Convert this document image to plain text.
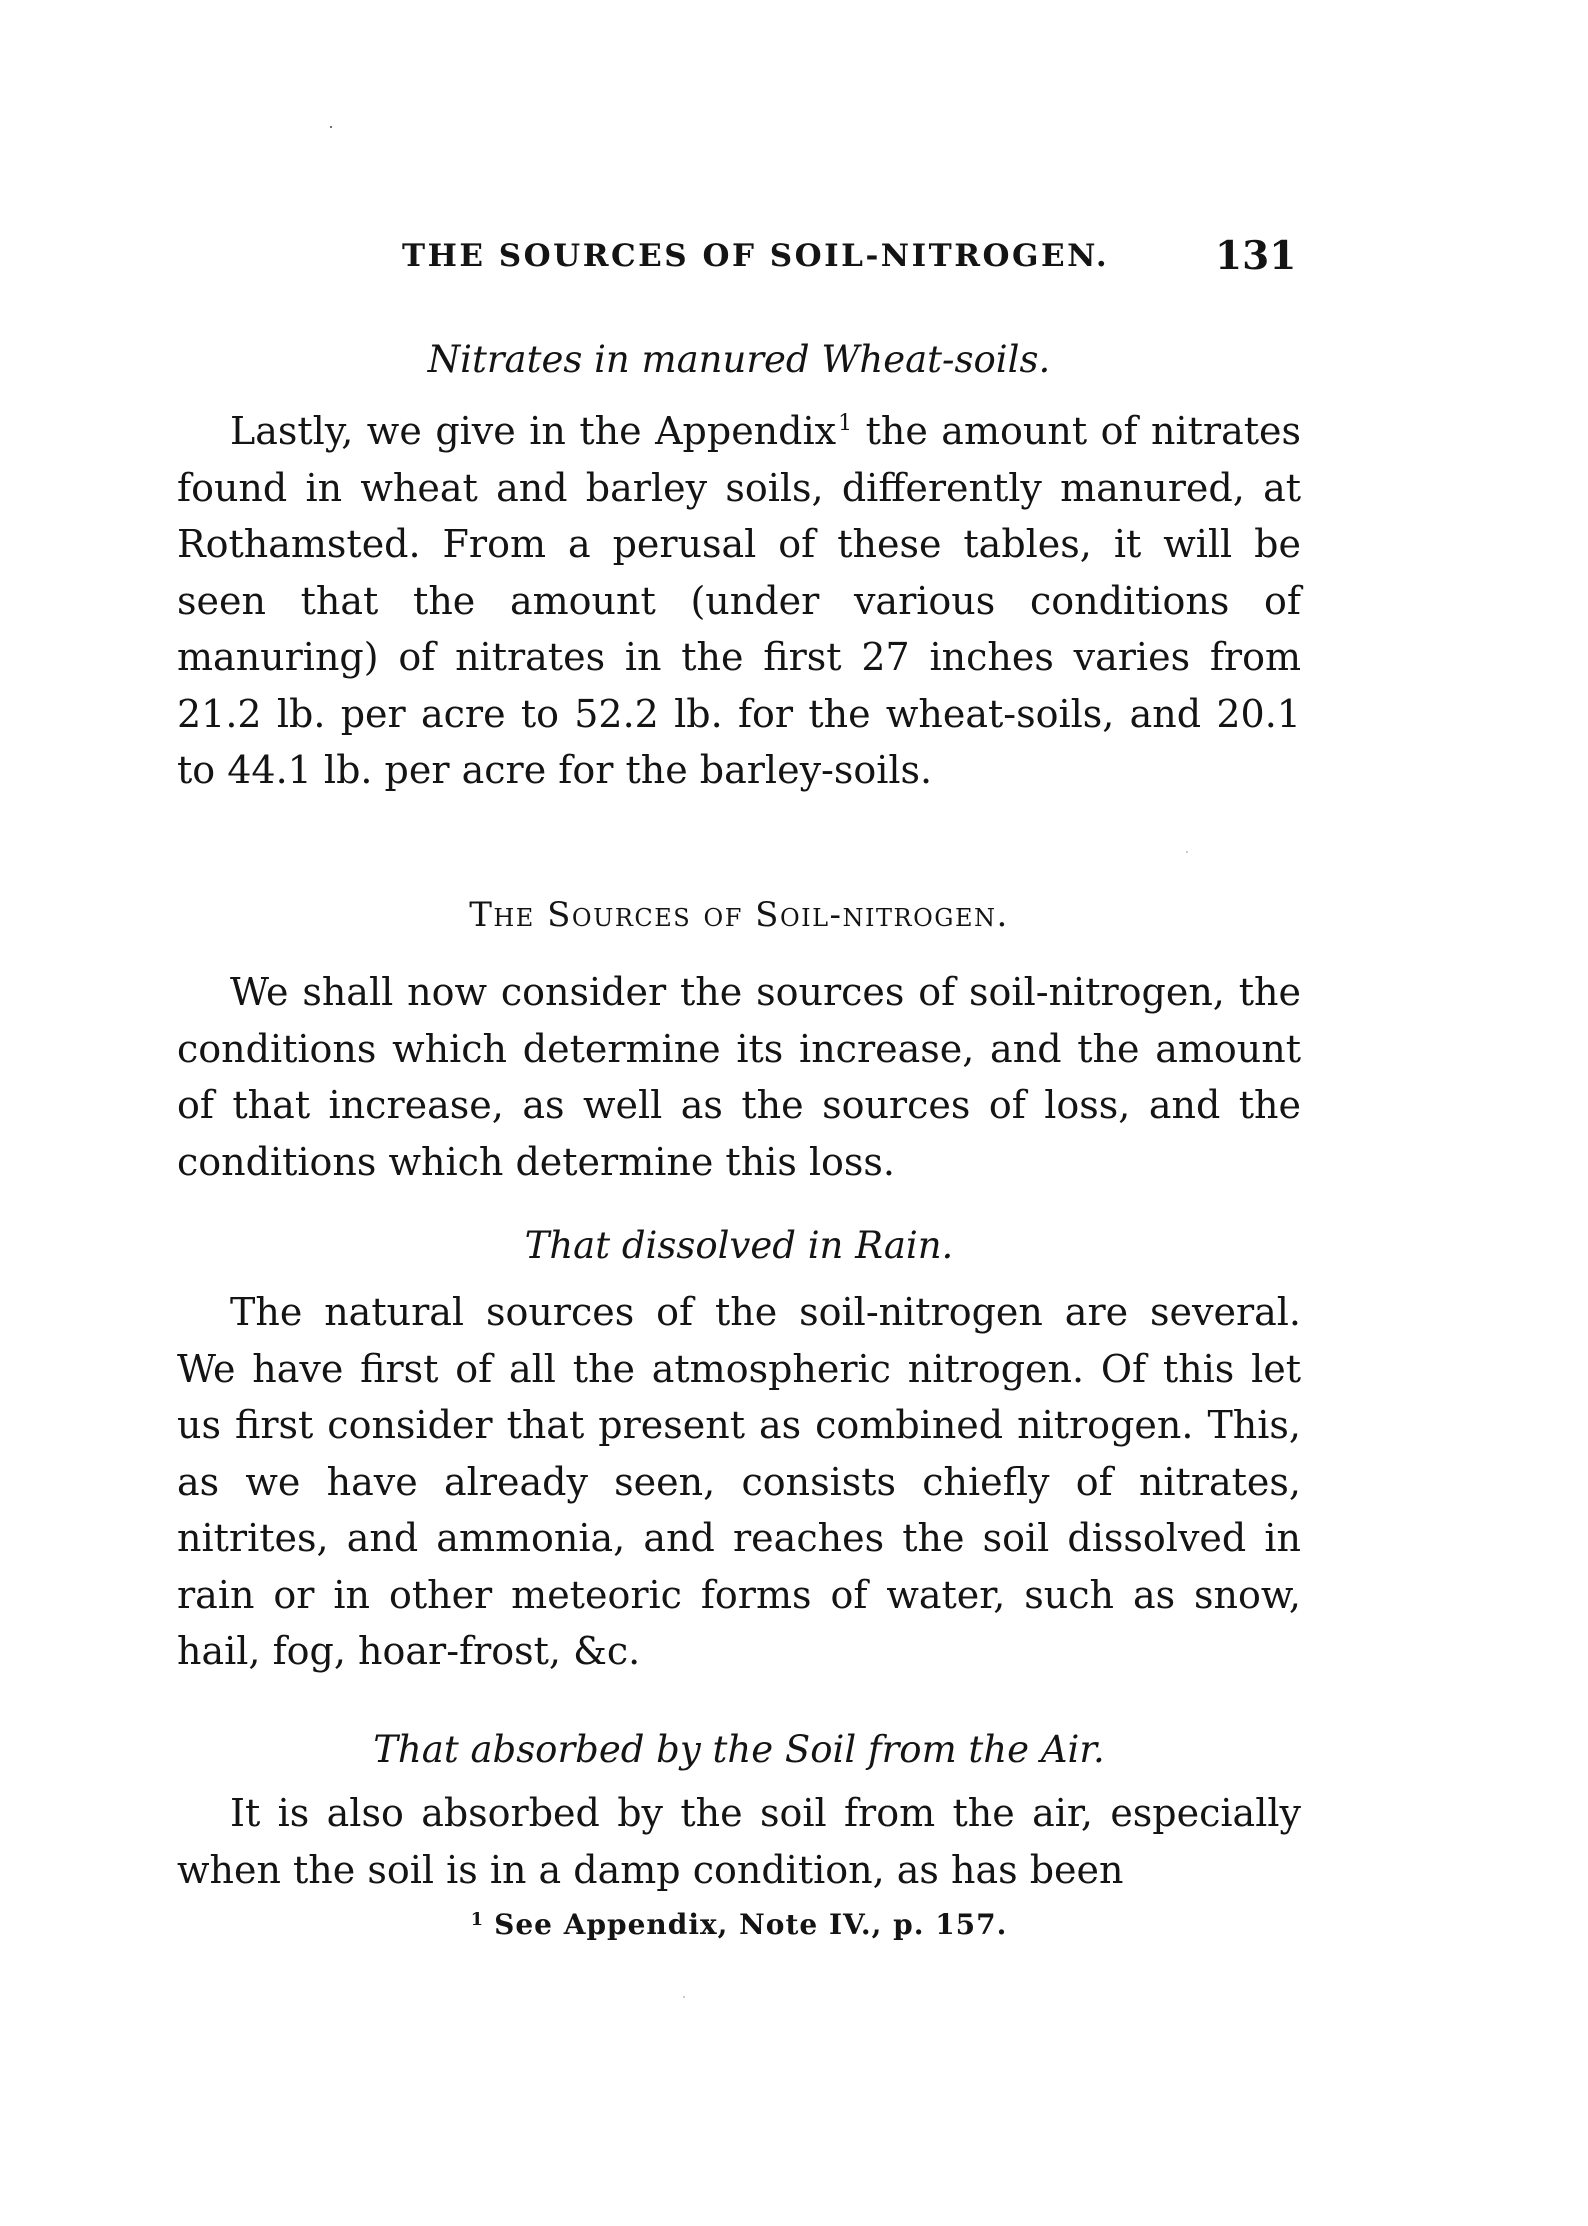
THE SOURCES OF SOIL-NITROGEN.	131
Nitrates in manured Wheat-soils.

Lastly, we give in the Appendix$^1$ the amount of nitrates found in wheat and barley soils, differently manured, at Rothamsted. From a perusal of these tables, it will be seen that the amount (under various conditions of manuring) of nitrates in the first 27 inches varies from 21.2 lb. per acre to 52.2 lb. for the wheat-soils, and 20.1 to 44.1 lb. per acre for the barley-soils.

The Sources of Soil-nitrogen.

We shall now consider the sources of soil-nitrogen, the conditions which determine its increase, and the amount of that increase, as well as the sources of loss, and the conditions which determine this loss.

That dissolved in Rain.

The natural sources of the soil-nitrogen are several. We have first of all the atmospheric nitrogen. Of this let us first consider that present as combined nitrogen. This, as we have already seen, consists chiefly of nitrates, nitrites, and ammonia, and reaches the soil dissolved in rain or in other meteoric forms of water, such as snow, hail, fog, hoar-frost, &c.

That absorbed by the Soil from the Air.

It is also absorbed by the soil from the air, especially when the soil is in a damp condition, as has been

$^1$ See Appendix, Note IV., p. 157.
